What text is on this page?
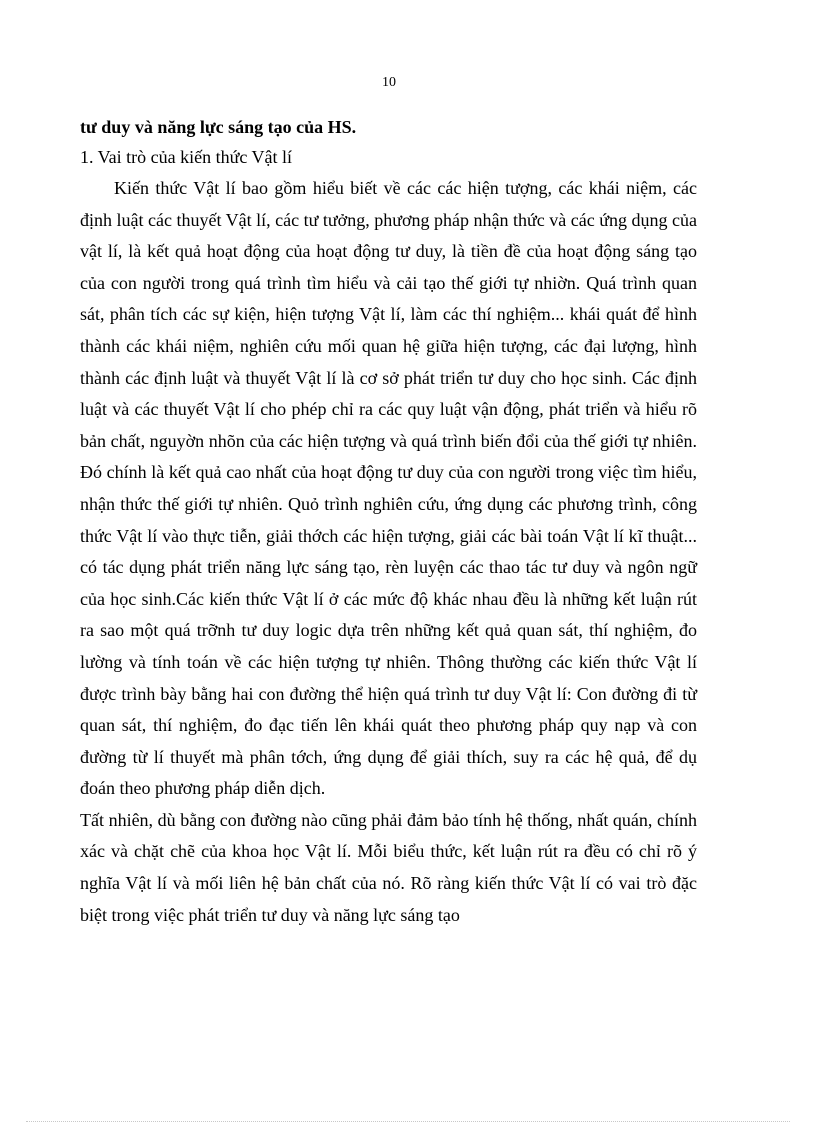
10

tư duy và năng lực sáng tạo của HS.

1. Vai trò của kiến thức Vật lí

Kiến thức Vật lí bao gồm hiểu biết về các các hiện tượng, các khái niệm, các định luật các thuyết Vật lí, các tư tưởng, phương pháp nhận thức và các ứng dụng của vật lí, là kết quả hoạt động của hoạt động tư duy, là tiền đề của hoạt động sáng tạo của con người trong quá trình tìm hiểu và cải tạo thế giới tự nhiờn. Quá trình quan sát, phân tích các sự kiện, hiện tượng Vật lí, làm các thí nghiệm... khái quát để hình thành các khái niệm, nghiên cứu mối quan hệ giữa hiện tượng, các đại lượng, hình thành các định luật và thuyết Vật lí là cơ sở phát triển tư duy cho học sinh. Các định luật và các thuyết Vật lí cho phép chỉ ra các quy luật vận động, phát triển và hiểu rõ bản chất, nguyờn nhõn của các hiện tượng và quá trình biến đổi của thế giới tự nhiên. Đó chính là kết quả cao nhất của hoạt động tư duy của con người trong việc tìm hiểu, nhận thức thế giới tự nhiên. Quỏ trình nghiên cứu, ứng dụng các phương trình, công thức Vật lí vào thực tiễn, giải thớch các hiện tượng, giải các bài toán Vật lí kĩ thuật... có tác dụng phát triển năng lực sáng tạo, rèn luyện các thao tác tư duy và ngôn ngữ của học sinh.Các kiến thức Vật lí ở các mức độ khác nhau đều là những kết luận rút ra sao một quá trỡnh tư duy logic dựa trên những kết quả quan sát, thí nghiệm, đo lường và tính toán về các hiện tượng tự nhiên. Thông thường các kiến thức Vật lí được trình bày bằng hai con đường thể hiện quá trình tư duy Vật lí: Con đường đi từ quan sát, thí nghiệm, đo đạc tiến lên khái quát theo phương pháp quy nạp và con đường từ lí thuyết mà phân tớch, ứng dụng để giải thích, suy ra các hệ quả, để dụ đoán theo phương pháp diễn dịch.

Tất nhiên, dù bằng con đường nào cũng phải đảm bảo tính hệ thống, nhất quán, chính xác và chặt chẽ của khoa học Vật lí. Mỗi biểu thức, kết luận rút ra đều có chỉ rõ ý nghĩa Vật lí và mối liên hệ bản chất của nó. Rõ ràng kiến thức Vật lí có vai trò đặc biệt trong việc phát triển tư duy và năng lực sáng tạo
